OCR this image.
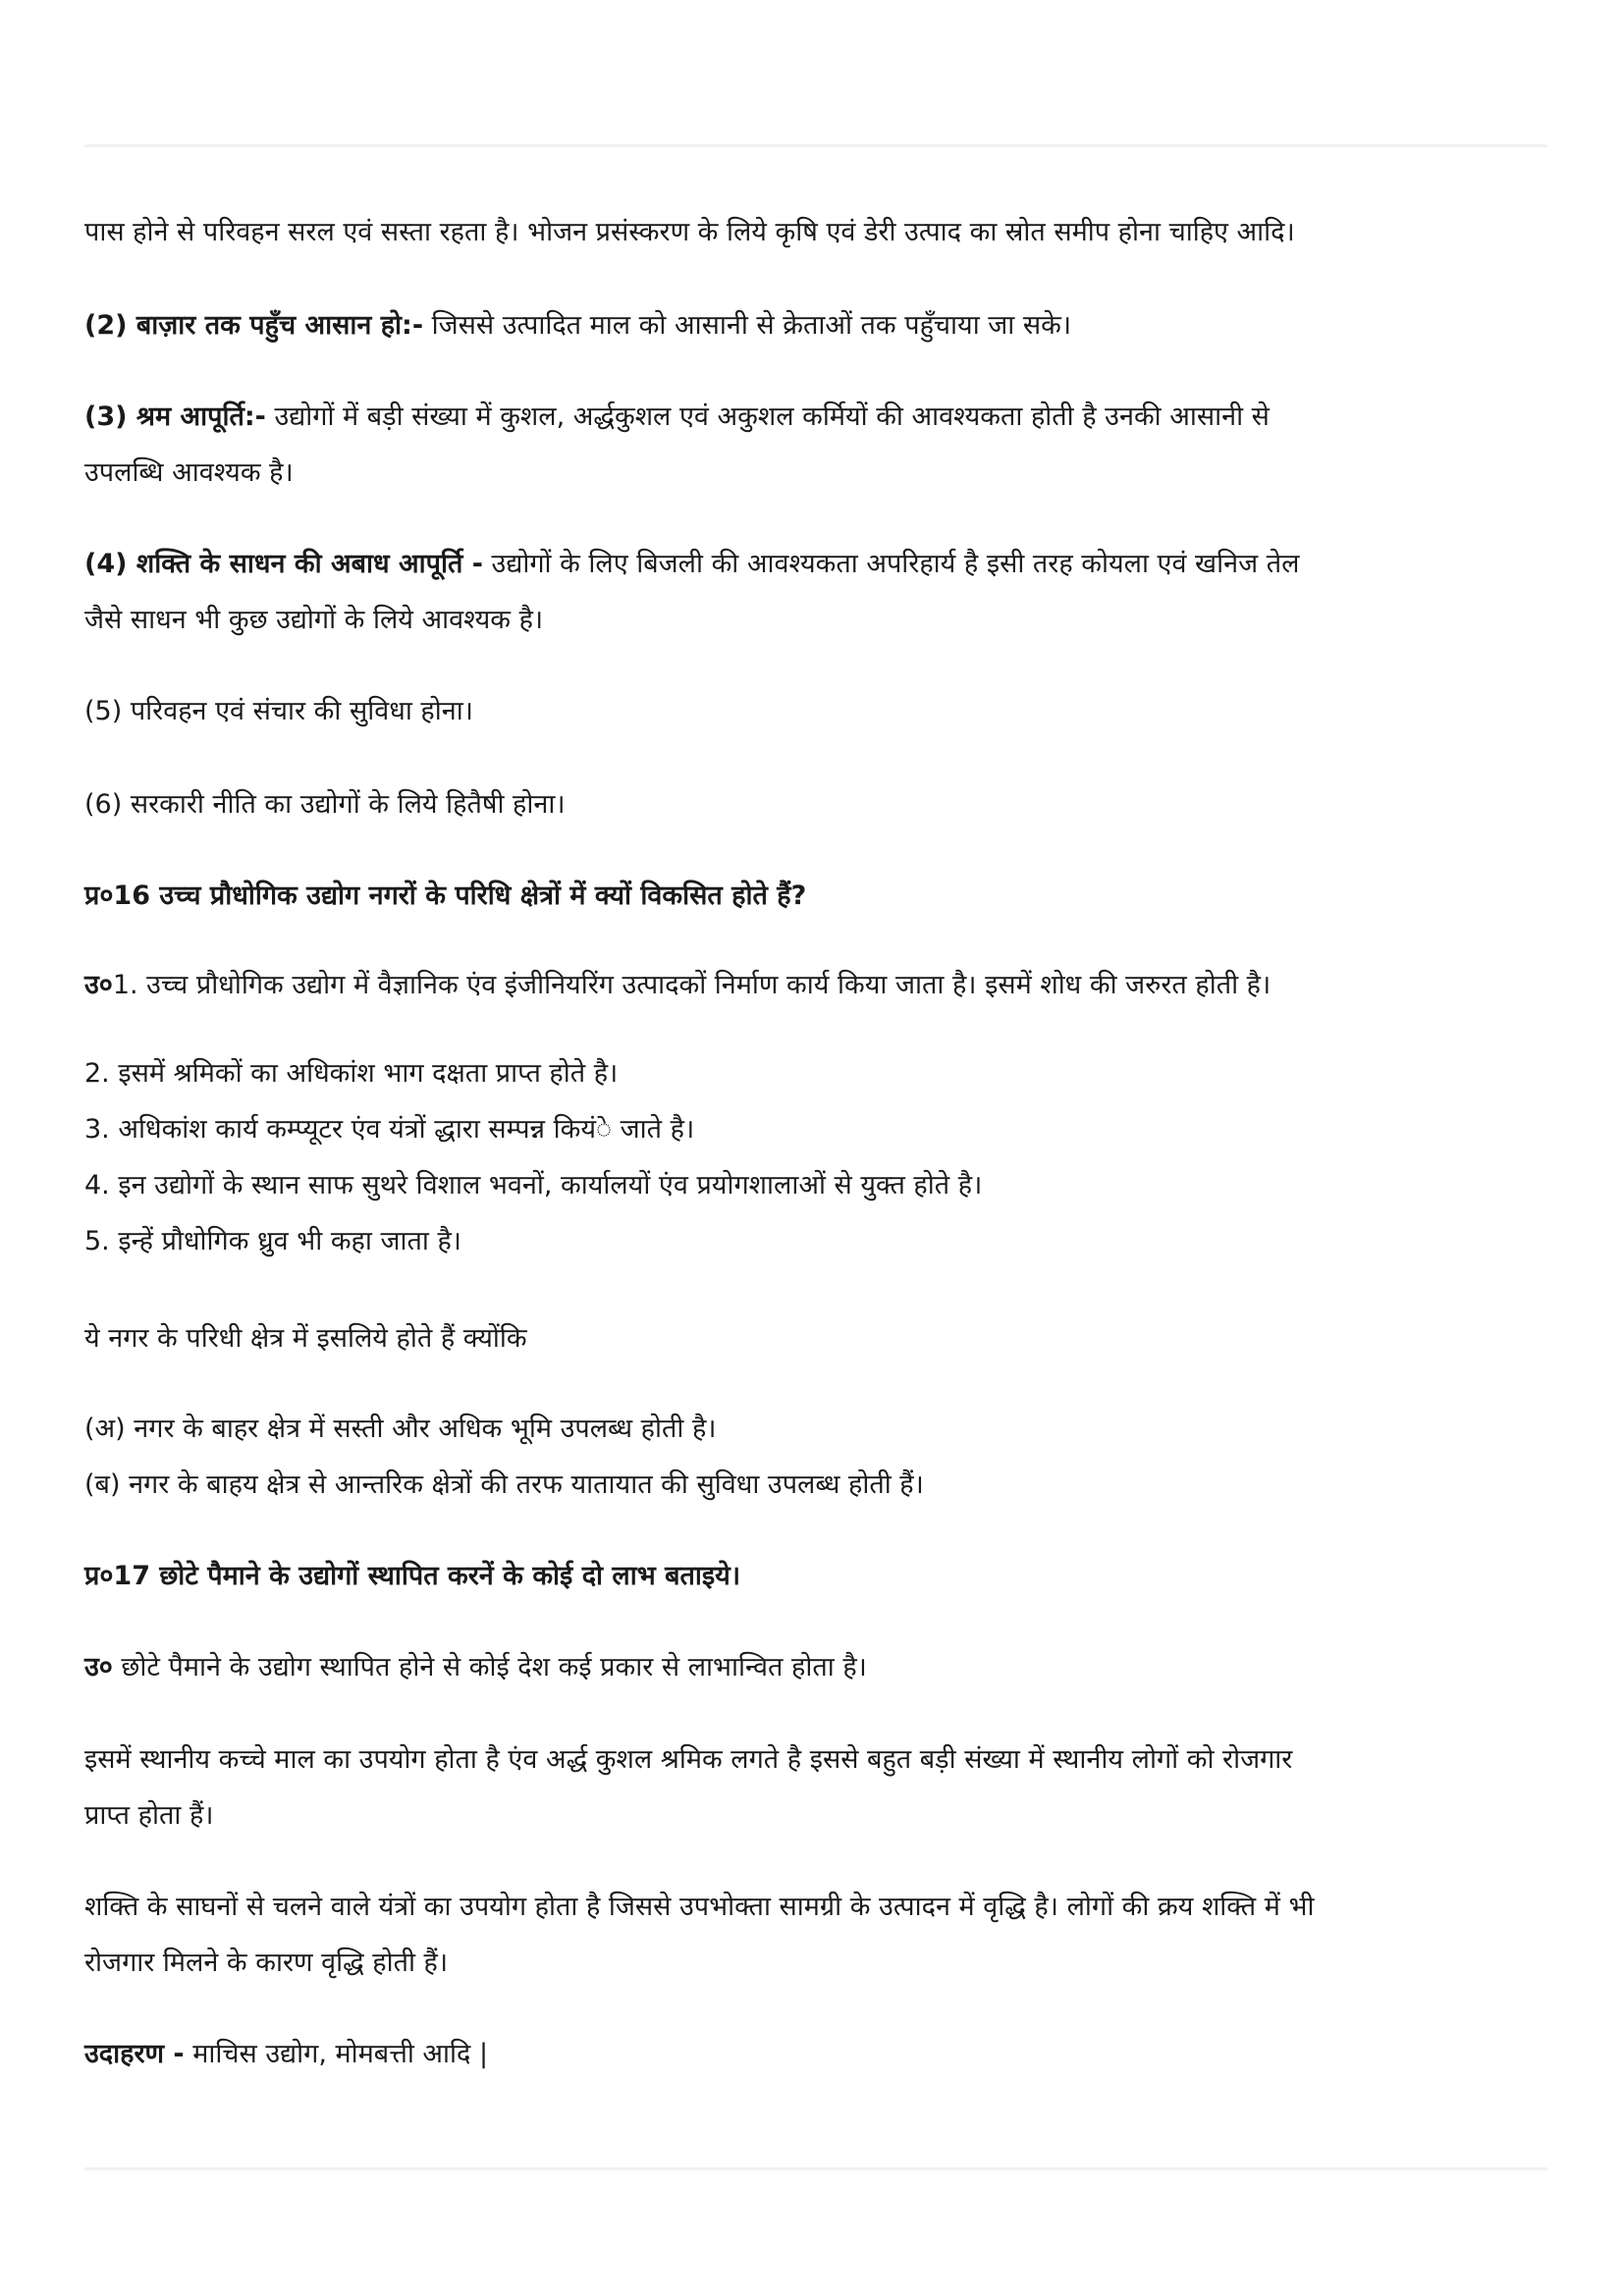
पास होने से परिवहन सरल एवं सस्ता रहता है। भोजन प्रसंस्करण के लिये कृषि एवं डेरी उत्पाद का स्रोत समीप होना चाहिए आदि।
(2) बाज़ार तक पहुँच आसान हो:- जिससे उत्पादित माल को आसानी से क्रेताओं तक पहुँचाया जा सके।
(3) श्रम आपूर्ति:- उद्योगों में बड़ी संख्या में कुशल, अर्द्धकुशल एवं अकुशल कर्मियों की आवश्यकता होती है उनकी आसानी से
उपलब्धि आवश्यक है।
(4) शक्ति के साधन की अबाध आपूर्ति - उद्योगों के लिए बिजली की आवश्यकता अपरिहार्य है इसी तरह कोयला एवं खनिज तेल
जैसे साधन भी कुछ उद्योगों के लिये आवश्यक है।
(5) परिवहन एवं संचार की सुविधा होना।
(6) सरकारी नीति का उद्योगों के लिये हितैषी होना।
प्र०16 उच्च प्रौधोगिक उद्योग नगरों के परिधि क्षेत्रों में क्यों विकसित होते हैं?
उ०1. उच्च प्रौधोगिक उद्योग में वैज्ञानिक एंव इंजीनियरिंग उत्पादकों निर्माण कार्य किया जाता है। इसमें शोध की जरुरत होती है।
2. इसमें श्रमिकों का अधिकांश भाग दक्षता प्राप्त होते है।
3. अधिकांश कार्य कम्प्यूटर एंव यंत्रों द्धारा सम्पन्न कियं◌े जाते है।
4. इन उद्योगों के स्थान साफ सुथरे विशाल भवनों, कार्यालयों एंव प्रयोगशालाओं से युक्त होते है।
5. इन्हें प्रौधोगिक ध्रुव भी कहा जाता है।
ये नगर के परिधी क्षेत्र में इसलिये होते हैं क्योंकि
(अ) नगर के बाहर क्षेत्र में सस्ती और अधिक भूमि उपलब्ध होती है।
(ब) नगर के बाहय क्षेत्र से आन्तरिक क्षेत्रों की तरफ यातायात की सुविधा उपलब्ध होती हैं।
प्र०17 छोटे पैमाने के उद्योगों स्थापित करनें के कोई दो लाभ बताइये।
उ० छोटे पैमाने के उद्योग स्थापित होने से कोई देश कई प्रकार से लाभान्वित होता है।
इसमें स्थानीय कच्चे माल का उपयोग होता है एंव अर्द्ध कुशल श्रमिक लगते है इससे बहुत बड़ी संख्या में स्थानीय लोगों को रोजगार
प्राप्त होता हैं।
शक्ति के साघनों से चलने वाले यंत्रों का उपयोग होता है जिससे उपभोक्ता सामग्री के उत्पादन में वृद्धि है। लोगों की क्रय शक्ति में भी
रोजगार मिलने के कारण वृद्धि होती हैं।
उदाहरण - माचिस उद्योग, मोमबत्ती आदि |
